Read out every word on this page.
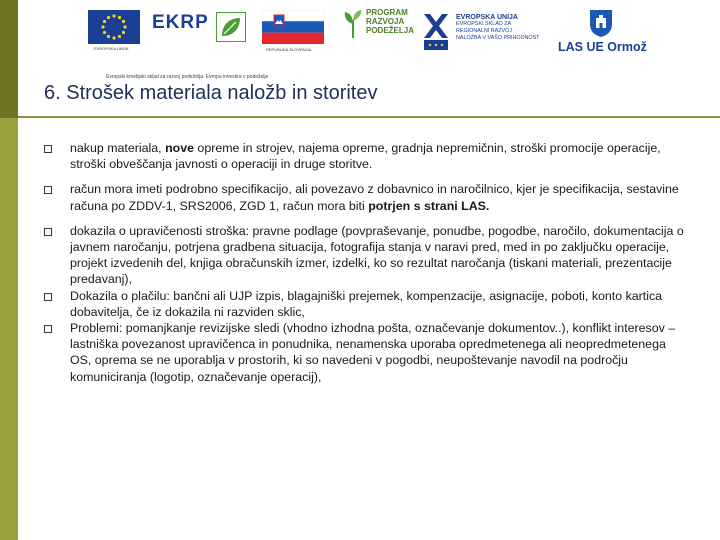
EVROPSKA UNIJA
EKRP
REPUBLIKA SLOVENIJA
PROGRAM
RAZVOJA
PODEŽELJA
EVROPSKA UNIJA
EVROPSKI SKLAD ZA
REGIONALNI RAZVOJ
NALOŽBA V VAŠO PRIHODNOST
LAS UE Ormož
Evropski kmetijski sklad za razvoj podeželja: Evropa investira v podeželje
6. Strošek materiala naložb in storitev
nakup materiala, nove opreme in strojev, najema opreme, gradnja nepremičnin, stroški promocije operacije, stroški obveščanja javnosti o operaciji in druge storitve.
račun mora imeti podrobno specifikacijo, ali povezavo z dobavnico in naročilnico, kjer je specifikacija, sestavine računa po ZDDV-1, SRS2006, ZGD 1, račun mora biti potrjen s strani LAS.
dokazila o upravičenosti stroška: pravne podlage (povpraševanje, ponudbe, pogodbe, naročilo, dokumentacija o javnem naročanju, potrjena gradbena situacija, fotografija stanja v naravi pred, med in po zaključku operacije, projekt izvedenih del, knjiga obračunskih izmer, izdelki, ko so rezultat naročanja (tiskani materiali, prezentacije predavanj),
Dokazila o plačilu: bančni ali UJP izpis, blagajniški prejemek, kompenzacije, asignacije, poboti, konto kartica dobavitelja, če iz dokazila ni razviden sklic,
Problemi: pomanjkanje revizijske sledi (vhodno izhodna pošta, označevanje dokumentov..), konflikt interesov –lastniška povezanost upravičenca in ponudnika, nenamenska uporaba opredmetenega ali neopredmetenega OS, oprema se ne uporablja v prostorih, ki so navedeni v pogodbi, neupoštevanje navodil na področju komuniciranja (logotip, označevanje operacij),
